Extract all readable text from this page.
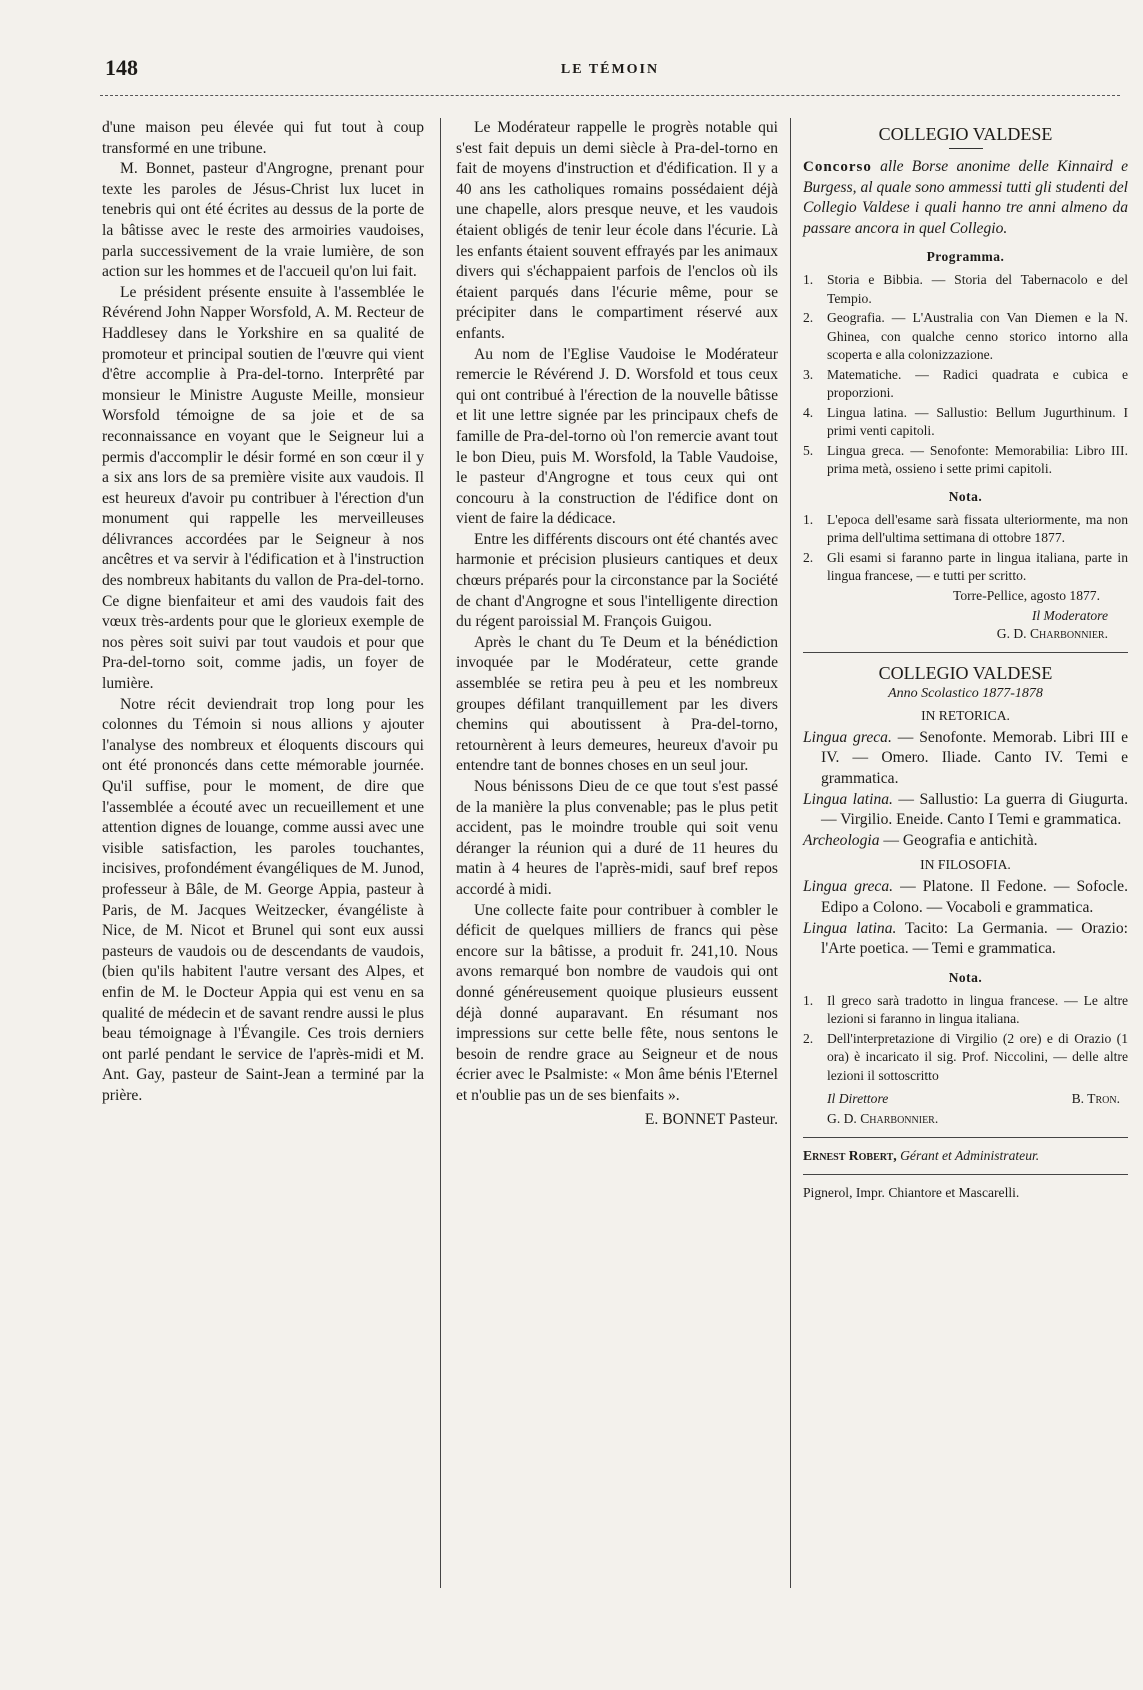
148	LE TÉMOIN

d'une maison peu élevée qui fut tout à coup transformé en une tribune.

M. Bonnet, pasteur d'Angrogne, prenant pour texte les paroles de Jésus-Christ lux lucet in tenebris qui ont été écrites au dessus de la porte de la bâtisse avec le reste des armoiries vaudoises, parla successivement de la vraie lumière, de son action sur les hommes et de l'accueil qu'on lui fait.

Le président présente ensuite à l'assemblée le Révérend John Napper Worsfold, A. M. Recteur de Haddlesey dans le Yorkshire en sa qualité de promoteur et principal soutien de l'œuvre qui vient d'être accomplie à Pra-del-torno. Interprêté par monsieur le Ministre Auguste Meille, monsieur Worsfold témoigne de sa joie et de sa reconnaissance en voyant que le Seigneur lui a permis d'accomplir le désir formé en son cœur il y a six ans lors de sa première visite aux vaudois. Il est heureux d'avoir pu contribuer à l'érection d'un monument qui rappelle les merveilleuses délivrances accordées par le Seigneur à nos ancêtres et va servir à l'édification et à l'instruction des nombreux habitants du vallon de Pra-del-torno. Ce digne bienfaiteur et ami des vaudois fait des vœux très-ardents pour que le glorieux exemple de nos pères soit suivi par tout vaudois et pour que Pra-del-torno soit, comme jadis, un foyer de lumière.

Notre récit deviendrait trop long pour les colonnes du Témoin si nous allions y ajouter l'analyse des nombreux et éloquents discours qui ont été prononcés dans cette mémorable journée. Qu'il suffise, pour le moment, de dire que l'assemblée a écouté avec un recueillement et une attention dignes de louange, comme aussi avec une visible satisfaction, les paroles touchantes, incisives, profondément évangéliques de M. Junod, professeur à Bâle, de M. George Appia, pasteur à Paris, de M. Jacques Weitzecker, évangéliste à Nice, de M. Nicot et Brunel qui sont eux aussi pasteurs de vaudois ou de descendants de vaudois, (bien qu'ils habitent l'autre versant des Alpes, et enfin de M. le Docteur Appia qui est venu en sa qualité de médecin et de savant rendre aussi le plus beau témoignage à l'Évangile. Ces trois derniers ont parlé pendant le service de l'après-midi et M. Ant. Gay, pasteur de Saint-Jean a terminé par la prière.

Le Modérateur rappelle le progrès notable qui s'est fait depuis un demi siècle à Pra-del-torno en fait de moyens d'instruction et d'édification. Il y a 40 ans les catholiques romains possédaient déjà une chapelle, alors presque neuve, et les vaudois étaient obligés de tenir leur école dans l'écurie. Là les enfants étaient souvent effrayés par les animaux divers qui s'échappaient parfois de l'enclos où ils étaient parqués dans l'écurie même, pour se précipiter dans le compartiment réservé aux enfants.

Au nom de l'Eglise Vaudoise le Modérateur remercie le Révérend J. D. Worsfold et tous ceux qui ont contribué à l'érection de la nouvelle bâtisse et lit une lettre signée par les principaux chefs de famille de Pra-del-torno où l'on remercie avant tout le bon Dieu, puis M. Worsfold, la Table Vaudoise, le pasteur d'Angrogne et tous ceux qui ont concouru à la construction de l'édifice dont on vient de faire la dédicace.

Entre les différents discours ont été chantés avec harmonie et précision plusieurs cantiques et deux chœurs préparés pour la circonstance par la Société de chant d'Angrogne et sous l'intelligente direction du régent paroissial M. François Guigou.

Après le chant du Te Deum et la bénédiction invoquée par le Modérateur, cette grande assemblée se retira peu à peu et les nombreux groupes défilant tranquillement par les divers chemins qui aboutissent à Pra-del-torno, retournèrent à leurs demeures, heureux d'avoir pu entendre tant de bonnes choses en un seul jour.

Nous bénissons Dieu de ce que tout s'est passé de la manière la plus convenable; pas le plus petit accident, pas le moindre trouble qui soit venu déranger la réunion qui a duré de 11 heures du matin à 4 heures de l'après-midi, sauf bref repos accordé à midi.

Une collecte faite pour contribuer à combler le déficit de quelques milliers de francs qui pèse encore sur la bâtisse, a produit fr. 241,10. Nous avons remarqué bon nombre de vaudois qui ont donné généreusement quoique plusieurs eussent déjà donné auparavant. En résumant nos impressions sur cette belle fête, nous sentons le besoin de rendre grace au Seigneur et de nous écrier avec le Psalmiste: « Mon âme bénis l'Eternel et n'oublie pas un de ses bienfaits ».

E. BONNET Pasteur.

COLLEGIO VALDESE

Concorso alle Borse anonime delle Kinnaird e Burgess, al quale sono ammessi tutti gli studenti del Collegio Valdese i quali hanno tre anni almeno da passare ancora in quel Collegio.

Programma.
1. Storia e Bibbia. — Storia del Tabernacolo e del Tempio.
2. Geografia. — L'Australia con Van Diemen e la N. Ghinea, con qualche cenno storico intorno alla scoperta e alla colonizzazione.
3. Matematiche. — Radici quadrata e cubica e proporzioni.
4. Lingua latina. — Sallustio: Bellum Jugurthinum. I primi venti capitoli.
5. Lingua greca. — Senofonte: Memorabilia: Libro III. prima metà, ossieno i sette primi capitoli.
Nota.
1. L'epoca dell'esame sarà fissata ulteriormente, ma non prima dell'ultima settimana di ottobre 1877.
2. Gli esami si faranno parte in lingua italiana, parte in lingua francese, — e tutti per scritto.
Torre-Pellice, agosto 1877.
Il Moderatore
G. D. Charbonnier.
COLLEGIO VALDESE
Anno Scolastico 1877-1878
IN RETORICA.

Lingua greca. — Senofonte. Memorab. Libri III e IV. — Omero. Iliade. Canto IV. Temi e grammatica.

Lingua latina. — Sallustio: La guerra di Giugurta. — Virgilio. Eneide. Canto I Temi e grammatica.

Archeologia — Geografia e antichità.

IN FILOSOFIA.

Lingua greca. — Platone. Il Fedone. — Sofocle. Edipo a Colono. — Vocaboli e grammatica.

Lingua latina. Tacito: La Germania. — Orazio: l'Arte poetica. — Temi e grammatica.

Nota.
1. Il greco sarà tradotto in lingua francese. — Le altre lezioni si faranno in lingua italiana.
2. Dell'interpretazione di Virgilio (2 ore) e di Orazio (1 ora) è incaricato il sig. Prof. Niccolini, — delle altre lezioni il sottoscritto
Il Direttore	B. Tron.
G. D. Charbonnier.
Ernest Robert, Gérant et Administrateur.
Pignerol, Impr. Chiantore et Mascarelli.
